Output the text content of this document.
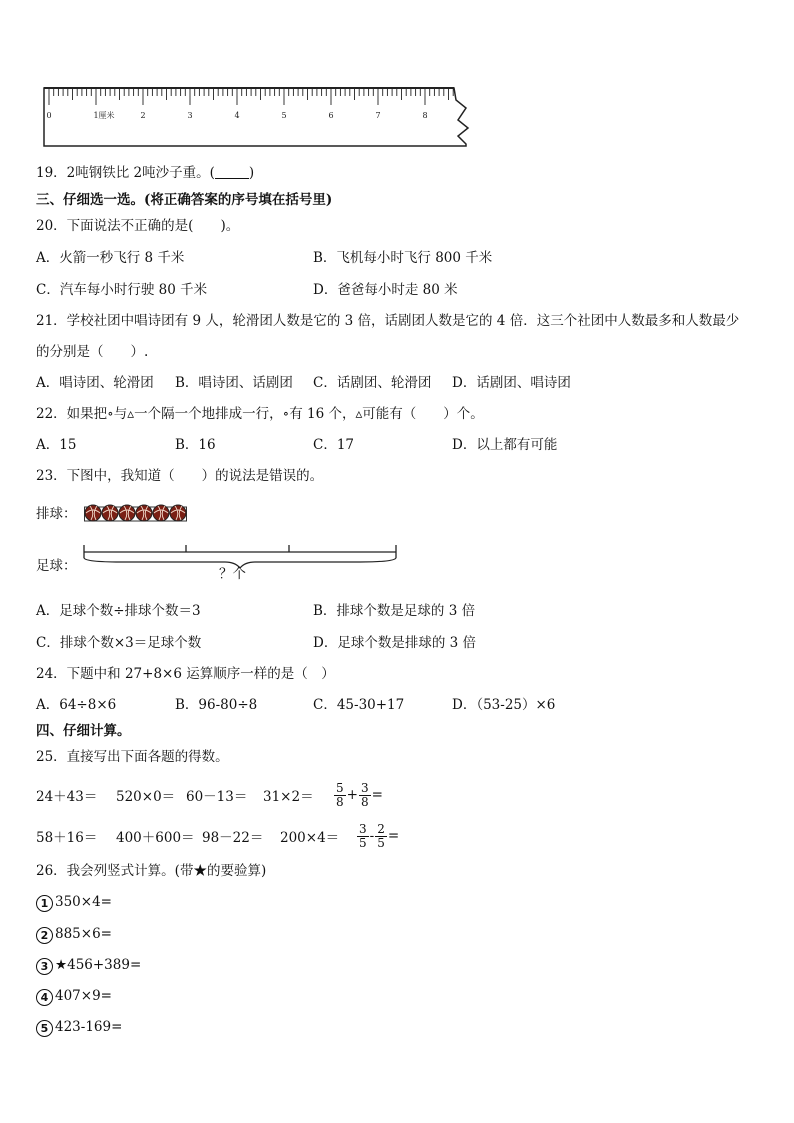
0	1厘米	2	3	4	5	6	7	8
19．2吨钢铁比 2吨沙子重。(	)
三、仔细选一选。(将正确答案的序号填在括号里)
20．下面说法不正确的是(　　)。
A．火箭一秒飞行 8 千米	B．飞机每小时飞行 800 千米
C．汽车每小时行驶 80 千米	D．爸爸每小时走 80 米
21．学校社团中唱诗团有 9 人，轮滑团人数是它的 3 倍，话剧团人数是它的 4 倍．这三个社团中人数最多和人数最少
的分别是（　　）.
A．唱诗团、轮滑团 B．唱诗团、话剧团 C．话剧团、轮滑团 D．话剧团、唱诗团
22．如果把∘与▵一个隔一个地排成一行，∘有 16 个，▵可能有（　　）个。
A．15	B．16	C．17	D．以上都有可能
23．下图中，我知道（　　）的说法是错误的。
排球：
足球：	？个
A．足球个数÷排球个数＝3	B．排球个数是足球的 3 倍
C．排球个数×3＝足球个数	D．足球个数是排球的 3 倍
24．下题中和 27+8×6 运算顺序一样的是（　）
A．64÷8×6	B．96-80÷8	C．45-30+17	D．（53-25）×6
四、仔细计算。
25．直接写出下面各题的得数。
24＋43＝	520×0＝ 60－13＝	31×2＝	$\frac{5}{8} + \frac{3}{8}$ =
58＋16＝	400＋600＝ 98－22＝	200×4＝	$\frac{3}{5} - \frac{2}{5}$ =
26．我会列竖式计算。(带★的要验算)
1 350×4=
2 885×6=
3 ★456+389=
4 407×9=
5 423-169=
